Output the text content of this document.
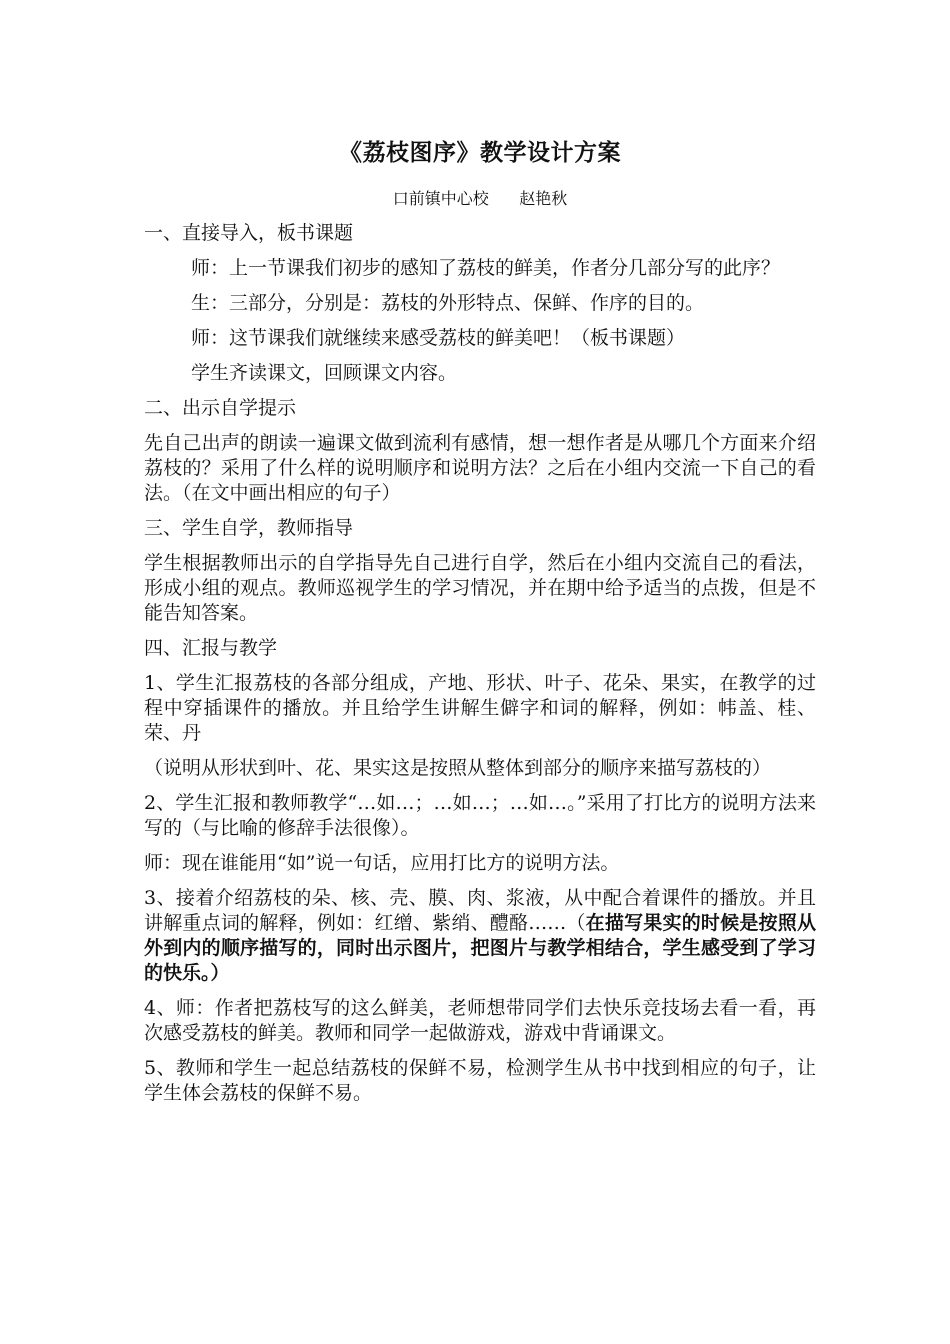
《荔枝图序》教学设计方案
口前镇中心校      赵艳秋
一、直接导入，板书课题

师：上一节课我们初步的感知了荔枝的鲜美，作者分几部分写的此序？

生：三部分，分别是：荔枝的外形特点、保鲜、作序的目的。

师：这节课我们就继续来感受荔枝的鲜美吧！（板书课题）

学生齐读课文，回顾课文内容。

二、出示自学提示

先自己出声的朗读一遍课文做到流利有感情，想一想作者是从哪几个方面来介绍荔枝的？采用了什么样的说明顺序和说明方法？之后在小组内交流一下自己的看法。（在文中画出相应的句子）

三、学生自学，教师指导

学生根据教师出示的自学指导先自己进行自学，然后在小组内交流自己的看法，形成小组的观点。教师巡视学生的学习情况，并在期中给予适当的点拨，但是不能告知答案。

四、汇报与教学

1、学生汇报荔枝的各部分组成，产地、形状、叶子、花朵、果实，在教学的过程中穿插课件的播放。并且给学生讲解生僻字和词的解释，例如：帏盖、桂、荣、丹

（说明从形状到叶、花、果实这是按照从整体到部分的顺序来描写荔枝的）

2、学生汇报和教师教学“…如…；…如…；…如…。”采用了打比方的说明方法来写的（与比喻的修辞手法很像）。

师：现在谁能用“如”说一句话，应用打比方的说明方法。

3、接着介绍荔枝的朵、核、壳、膜、肉、浆液，从中配合着课件的播放。并且讲解重点词的解释，例如：红缯、紫绡、醴酪……（在描写果实的时候是按照从外到内的顺序描写的，同时出示图片，把图片与教学相结合，学生感受到了学习的快乐。）

4、师：作者把荔枝写的这么鲜美，老师想带同学们去快乐竞技场去看一看，再次感受荔枝的鲜美。教师和同学一起做游戏，游戏中背诵课文。

5、教师和学生一起总结荔枝的保鲜不易，检测学生从书中找到相应的句子，让学生体会荔枝的保鲜不易。
